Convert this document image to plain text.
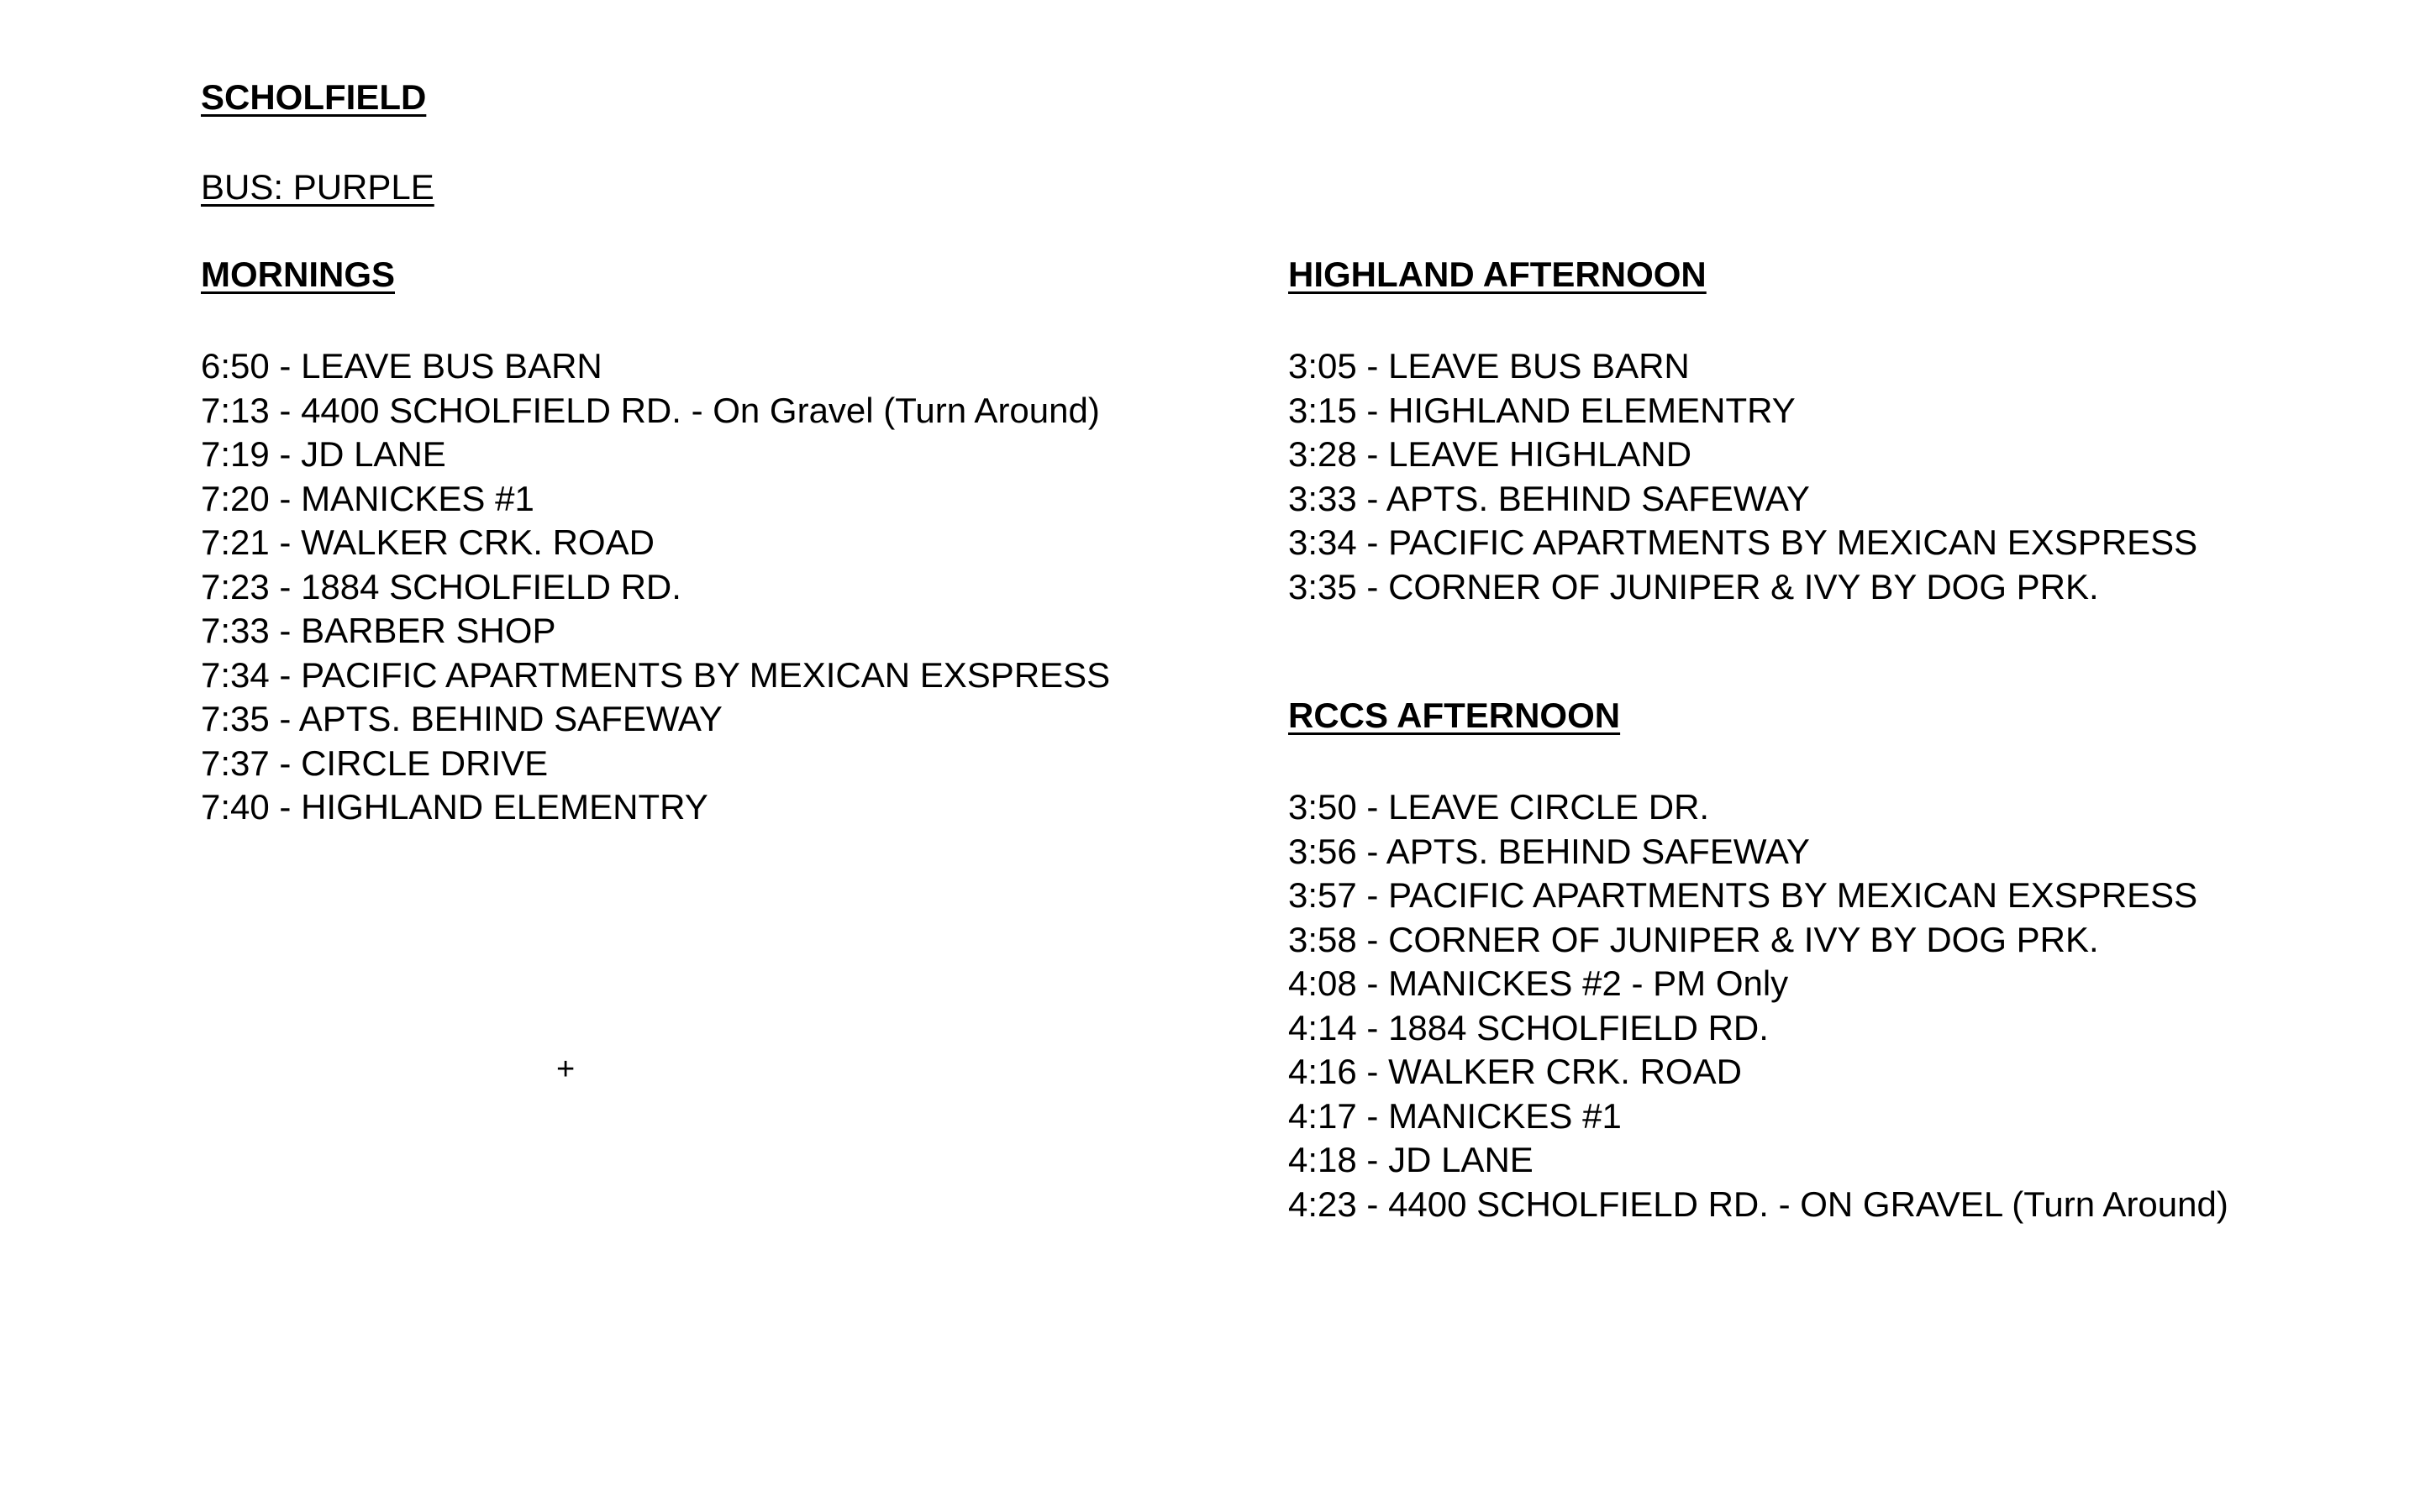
SCHOLFIELD
BUS: PURPLE
MORNINGS
6:50 - LEAVE BUS BARN
7:13 - 4400 SCHOLFIELD RD. - On Gravel (Turn Around)
7:19 - JD LANE
7:20 - MANICKES #1
7:21 - WALKER CRK. ROAD
7:23 - 1884 SCHOLFIELD RD.
7:33 - BARBER SHOP
7:34 - PACIFIC APARTMENTS BY MEXICAN EXSPRESS
7:35 - APTS. BEHIND SAFEWAY
7:37 - CIRCLE DRIVE
7:40 - HIGHLAND ELEMENTRY
+
HIGHLAND AFTERNOON
3:05 - LEAVE BUS BARN
3:15 - HIGHLAND ELEMENTRY
3:28 - LEAVE HIGHLAND
3:33 - APTS. BEHIND SAFEWAY
3:34 - PACIFIC APARTMENTS BY MEXICAN EXSPRESS
3:35 - CORNER OF JUNIPER & IVY BY DOG PRK.
RCCS AFTERNOON
3:50 - LEAVE CIRCLE DR.
3:56 - APTS. BEHIND SAFEWAY
3:57 - PACIFIC APARTMENTS BY MEXICAN EXSPRESS
3:58 - CORNER OF JUNIPER & IVY BY DOG PRK.
4:08 - MANICKES #2 - PM Only
4:14 - 1884 SCHOLFIELD RD.
4:16 - WALKER CRK. ROAD
4:17 - MANICKES #1
4:18 - JD LANE
4:23 - 4400 SCHOLFIELD RD. - ON GRAVEL (Turn Around)
